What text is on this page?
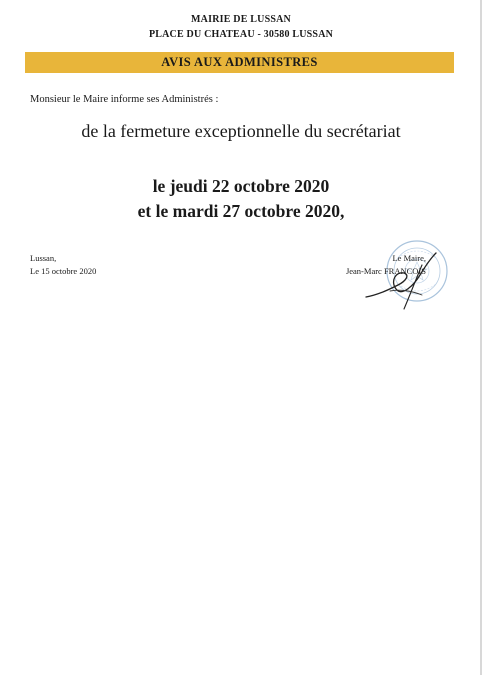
MAIRIE DE LUSSAN
PLACE DU CHATEAU - 30580 LUSSAN
AVIS AUX ADMINISTRES
Monsieur le Maire informe ses Administrés :
de la fermeture exceptionnelle du secrétariat
le jeudi 22 octobre 2020
et le mardi 27 octobre 2020,
Lussan,
Le 15 octobre 2020
Le Maire,
Jean-Marc FRANCOIS
